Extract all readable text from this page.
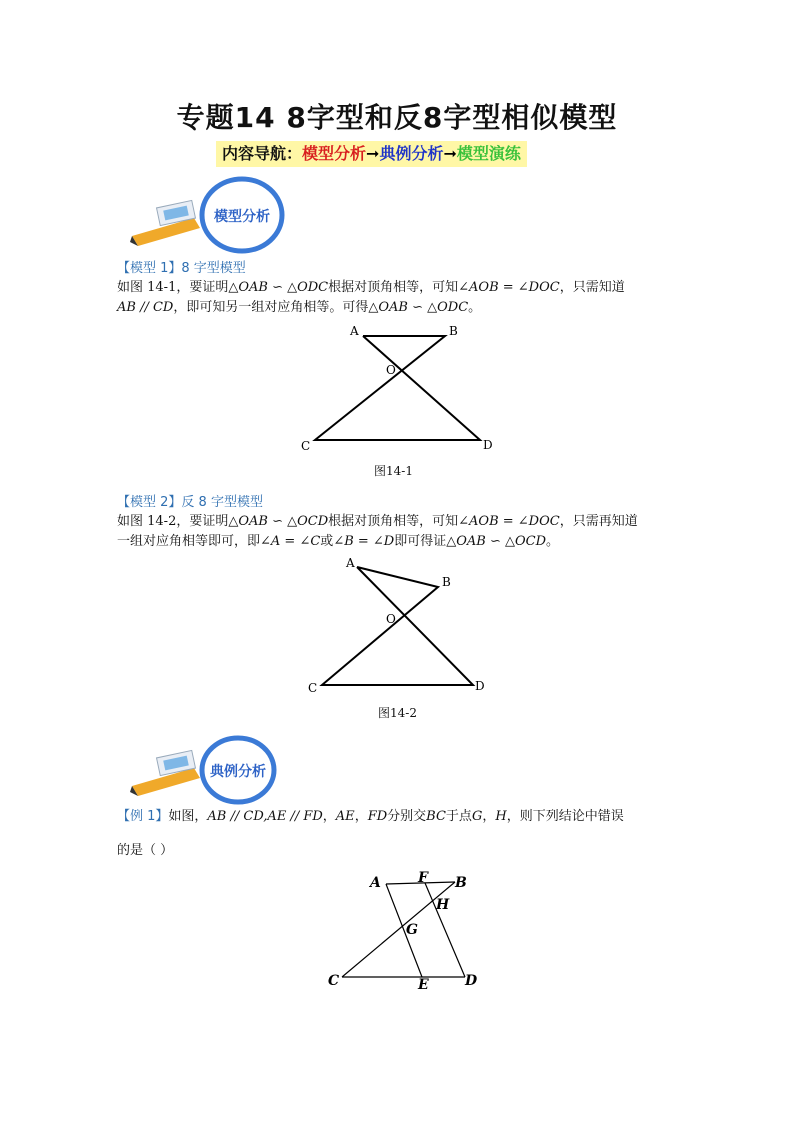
专题14 8字型和反8字型相似模型
内容导航：模型分析➞典例分析➞模型演练
模型分析
【模型 1】8 字型模型
如图 14-1，要证明△OAB ∽ △ODC根据对顶角相等，可知∠AOB = ∠DOC，只需知道
AB // CD，即可知另一组对应角相等。可得△OAB ∽ △ODC。
A	B
O
C	D
图14-1
【模型 2】反 8 字型模型
如图 14-2，要证明△OAB ∽ △OCD根据对顶角相等，可知∠AOB = ∠DOC，只需再知道
一组对应角相等即可，即∠A = ∠C或∠B = ∠D即可得证△OAB ∽ △OCD。
A
B
O
C	D
图14-2
典例分析
【例 1】如图，AB // CD,AE // FD，AE，FD分别交BC于点G，H，则下列结论中错误
的是（ ）
A	F B
H
G
C	E	D
